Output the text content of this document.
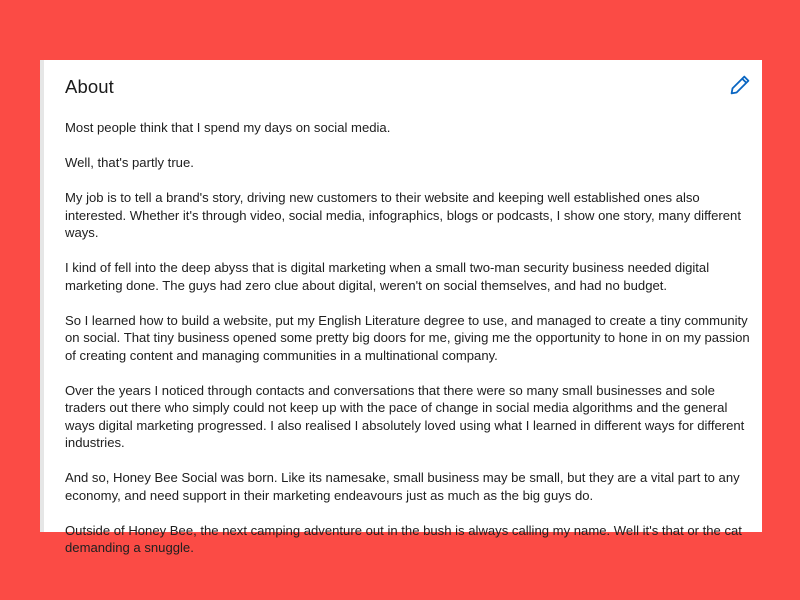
About

Most people think that I spend my days on social media.

Well, that's partly true.

My job is to tell a brand's story, driving new customers to their website and keeping well established ones also interested. Whether it's through video, social media, infographics, blogs or podcasts, I show one story, many different ways.

I kind of fell into the deep abyss that is digital marketing when a small two-man security business needed digital marketing done. The guys had zero clue about digital, weren't on social themselves, and had no budget.

So I learned how to build a website, put my English Literature degree to use, and managed to create a tiny community on social. That tiny business opened some pretty big doors for me, giving me the opportunity to hone in on my passion of creating content and managing communities in a multinational company.

Over the years I noticed through contacts and conversations that there were so many small businesses and sole traders out there who simply could not keep up with the pace of change in social media algorithms and the general ways digital marketing progressed. I also realised I absolutely loved using what I learned in different ways for different industries.

And so, Honey Bee Social was born. Like its namesake, small business may be small, but they are a vital part to any economy, and need support in their marketing endeavours just as much as the big guys do.

Outside of Honey Bee, the next camping adventure out in the bush is always calling my name. Well it's that or the cat demanding a snuggle.
